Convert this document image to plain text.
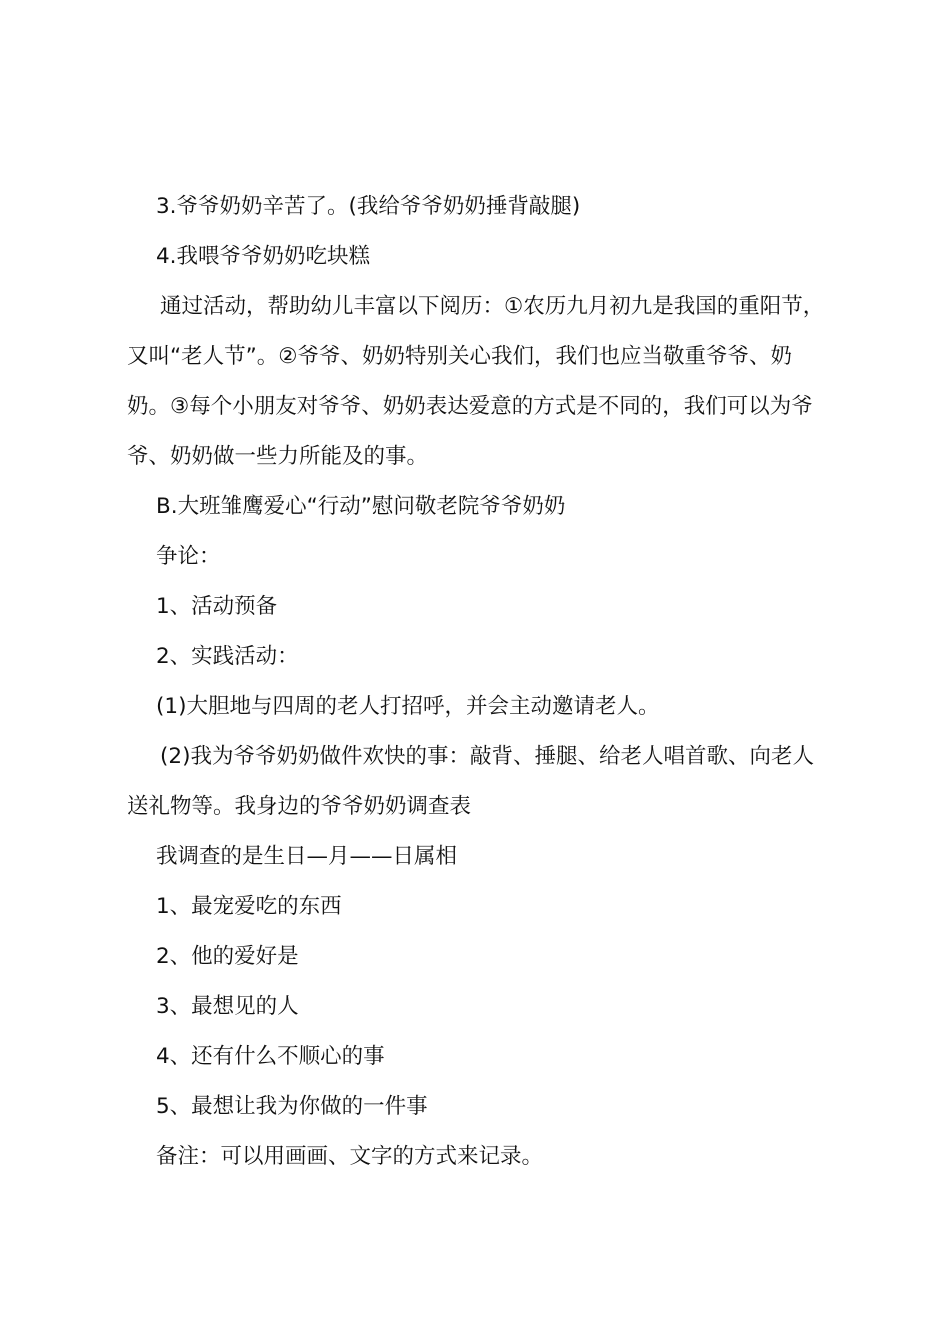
3.爷爷奶奶辛苦了。(我给爷爷奶奶捶背敲腿)

4.我喂爷爷奶奶吃块糕

通过活动，帮助幼儿丰富以下阅历：①农历九月初九是我国的重阳节，又叫“老人节”。②爷爷、奶奶特别关心我们，我们也应当敬重爷爷、奶奶。③每个小朋友对爷爷、奶奶表达爱意的方式是不同的，我们可以为爷爷、奶奶做一些力所能及的事。

B.大班雏鹰爱心“行动”慰问敬老院爷爷奶奶

争论：

1、活动预备

2、实践活动：

(1)大胆地与四周的老人打招呼，并会主动邀请老人。

(2)我为爷爷奶奶做件欢快的事：敲背、捶腿、给老人唱首歌、向老人送礼物等。我身边的爷爷奶奶调查表

我调查的是生日—月——日属相

1、最宠爱吃的东西

2、他的爱好是

3、最想见的人

4、还有什么不顺心的事

5、最想让我为你做的一件事

备注：可以用画画、文字的方式来记录。
